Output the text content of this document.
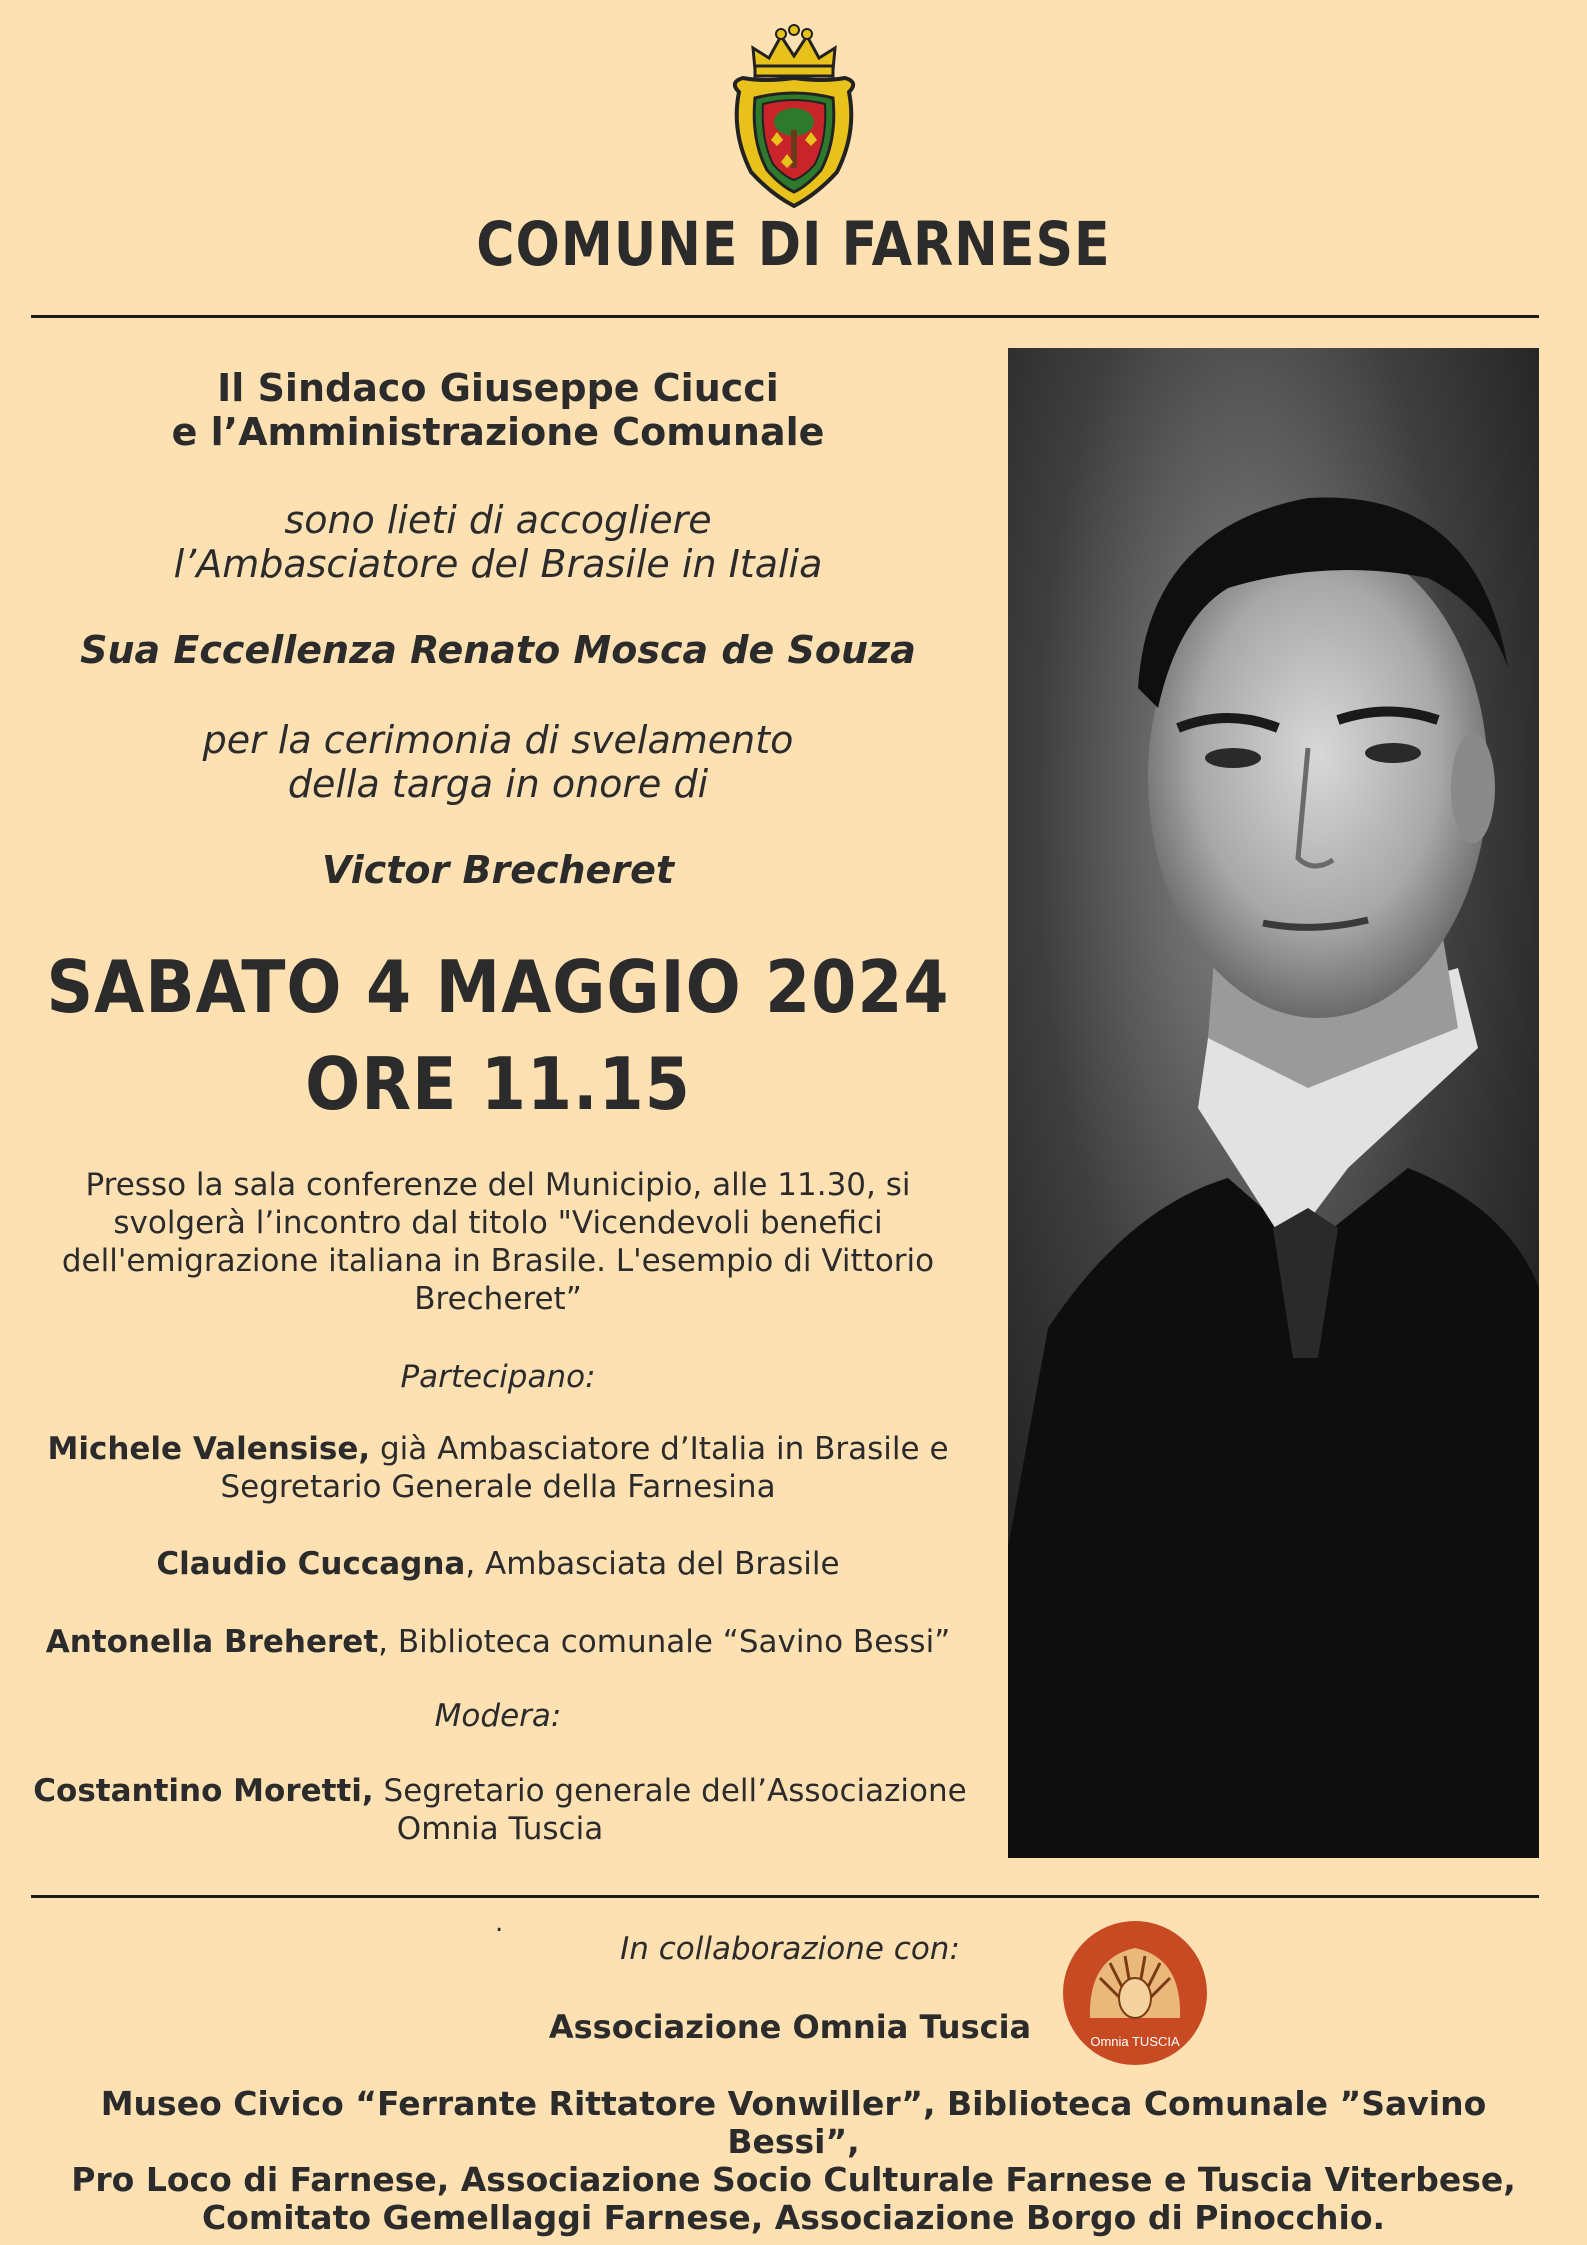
COMUNE DI FARNESE
Il Sindaco Giuseppe Ciucci
e l’Amministrazione Comunale
sono lieti di accogliere
l’Ambasciatore del Brasile in Italia
Sua Eccellenza Renato Mosca de Souza
per la cerimonia di svelamento
della targa in onore di
Victor Brecheret
SABATO 4 MAGGIO 2024
ORE 11.15
Presso la sala conferenze del Municipio, alle 11.30, si
svolgerà l’incontro dal titolo "Vicendevoli benefici
dell'emigrazione italiana in Brasile. L'esempio di Vittorio
Brecheret”
Partecipano:
Michele Valensise, già Ambasciatore d’Italia in Brasile e
Segretario Generale della Farnesina
Claudio Cuccagna, Ambasciata del Brasile
Antonella Breheret, Biblioteca comunale “Savino Bessi”
Modera:
Costantino Moretti, Segretario generale dell’Associazione
Omnia Tuscia
.
In collaborazione con:
Associazione Omnia Tuscia	Omnia TUSCIA
Museo Civico “Ferrante Rittatore Vonwiller”, Biblioteca Comunale ”Savino Bessi”,
Pro Loco di Farnese, Associazione Socio Culturale Farnese e Tuscia Viterbese,
Comitato Gemellaggi Farnese, Associazione Borgo di Pinocchio.
